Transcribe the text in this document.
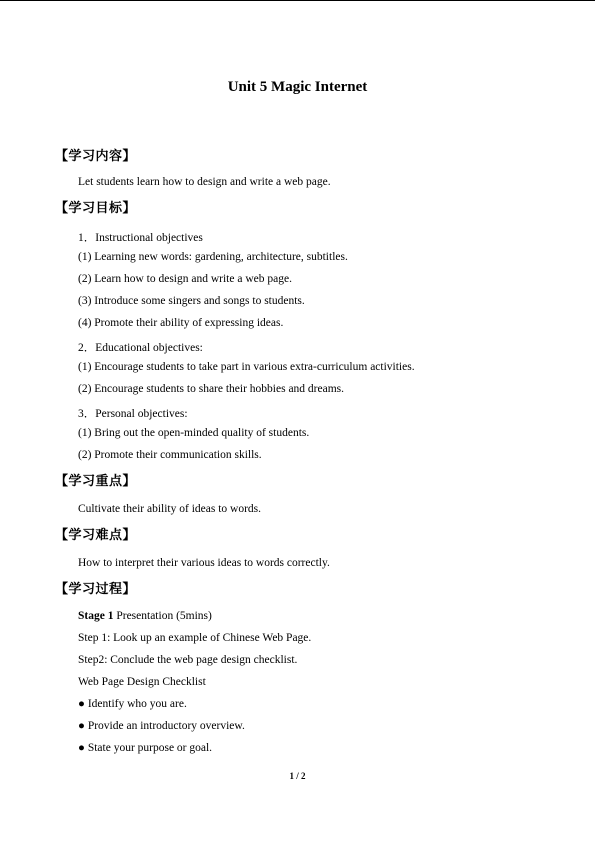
Unit 5 Magic Internet
【学习内容】
Let students learn how to design and write a web page.
【学习目标】
1．Instructional objectives
(1) Learning new words: gardening, architecture, subtitles.
(2) Learn how to design and write a web page.
(3) Introduce some singers and songs to students.
(4) Promote their ability of expressing ideas.
2．Educational objectives:
(1) Encourage students to take part in various extra-curriculum activities.
(2) Encourage students to share their hobbies and dreams.
3．Personal objectives:
(1) Bring out the open-minded quality of students.
(2) Promote their communication skills.
【学习重点】
Cultivate their ability of ideas to words.
【学习难点】
How to interpret their various ideas to words correctly.
【学习过程】
Stage 1 Presentation (5mins)
Step 1: Look up an example of Chinese Web Page.
Step2: Conclude the web page design checklist.
Web Page Design Checklist
● Identify who you are.
● Provide an introductory overview.
● State your purpose or goal.
1 / 2
